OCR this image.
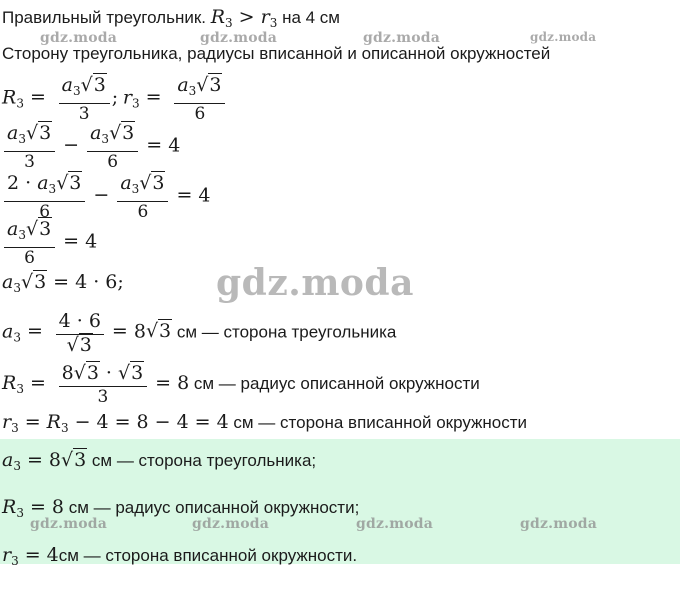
gdz.moda	gdz.moda	gdz.moda	gdz.moda
gdz.moda
gdz.moda	gdz.moda	gdz.moda	gdz.moda
Правильный треугольник. $R_3 > r_3$ на 4 см
Сторону треугольника, радиусы вписанной и описанной окружностей
$R_3 = \frac{a_3√3}{3}$ ; $r_3 = \frac{a_3√3}{6}$
$\frac{a_3√3}{3} - \frac{a_3√3}{6} = 4$
$\frac{2 \cdot a_3√3}{6} - \frac{a_3√3}{6} = 4$
$\frac{a_3√3}{6} = 4$
$a_3√3 = 4 \cdot 6$;
$a_3 = \frac{4 \cdot 6}{√3} = 8√3$ см — сторона треугольника
$R_3 = \frac{8√3 \cdot √3}{3} = 8$ см — радиус описанной окружности
$r_3 = R_3 - 4 = 8 - 4 = 4$ см — сторона вписанной окружности
$a_3 = 8√3$ см — сторона треугольника;
$R_3 = 8$ см — радиус описанной окружности;
$r_3 = 4см$ — сторона вписанной окружности.
